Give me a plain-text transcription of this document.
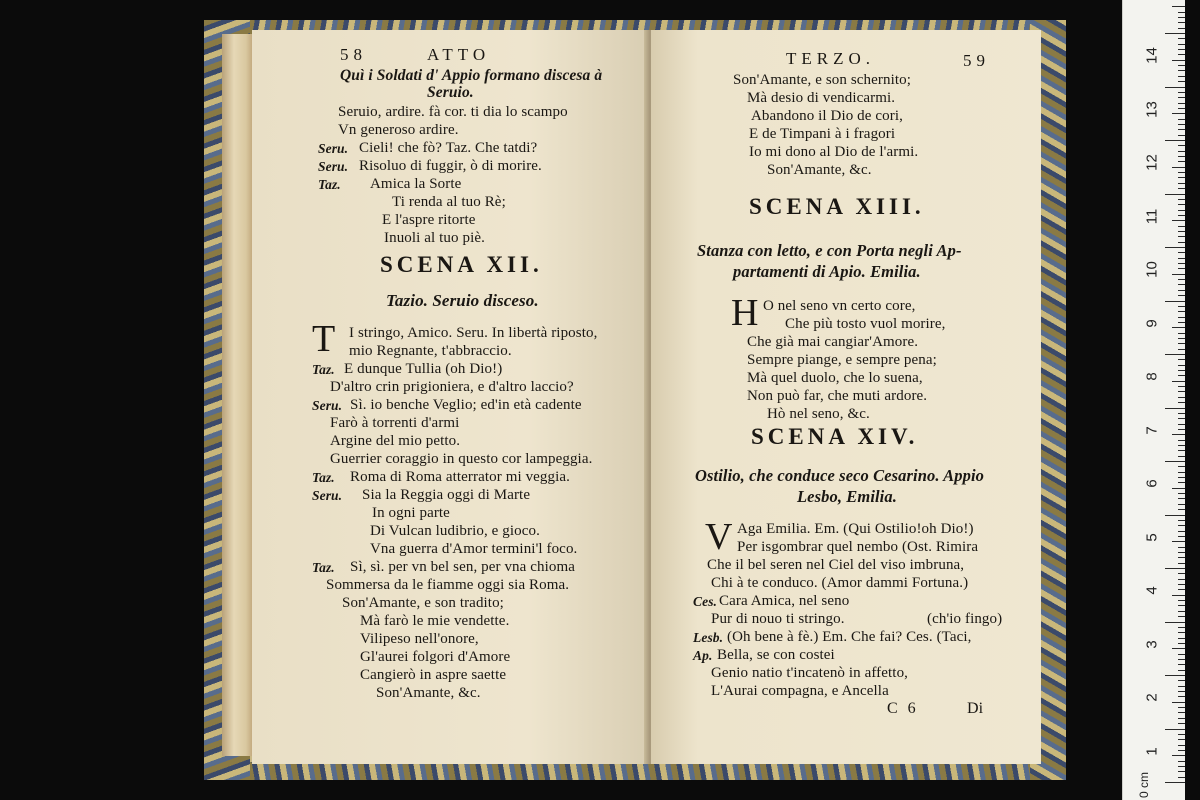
58	ATTO
Quì i Soldati d' Appio formano discesa à
Seruio.
Seruio, ardire. fà cor. ti dia lo scampo
Vn generoso ardire.
Seru. Cieli! che fò? Taz. Che tatdi?
Seru. Risoluo di fuggir, ò di morire.
Taz. Amica la Sorte
Ti renda al tuo Rè;
E l'aspre ritorte
Inuoli al tuo piè.
SCENA XII.
Tazio. Seruio disceso.
T I stringo, Amico. Seru. In libertà riposto,
mio Regnante, t'abbraccio.
Taz. E dunque Tullia (oh Dio!)
D'altro crin prigioniera, e d'altro laccio?
Seru. Sì. io benche Veglio; ed'in età cadente
Farò à torrenti d'armi
Argine del mio petto.
Guerrier coraggio in questo cor lampeggia.
Taz. Roma di Roma atterrator mi veggia.
Seru. Sia la Reggia oggi di Marte
In ogni parte
Di Vulcan ludibrio, e gioco.
Vna guerra d'Amor termini'l foco.
Taz. Sì, sì. per vn bel sen, per vna chioma
Sommersa da le fiamme oggi sia Roma.
Son'Amante, e son tradito;
Mà farò le mie vendette.
Vilipeso nell'onore,
Gl'aurei folgori d'Amore
Cangierò in aspre saette
Son'Amante, &c.
TERZO.	59
Son'Amante, e son schernito;
Mà desio di vendicarmi.
Abandono il Dio de cori,
E de Timpani à i fragori
Io mi dono al Dio de l'armi.
Son'Amante, &c.
SCENA XIII.
Stanza con letto, e con Porta negli Ap-
partamenti di Apio. Emilia.
H O nel seno vn certo core,
Che più tosto vuol morire,
Che già mai cangiar'Amore.
Sempre piange, e sempre pena;
Mà quel duolo, che lo suena,
Non può far, che muti ardore.
Hò nel seno, &c.
SCENA XIV.
Ostilio, che conduce seco Cesarino. Appio
Lesbo, Emilia.
V Aga Emilia. Em. (Qui Ostilio!oh Dio!)
Per isgombrar quel nembo (Ost. Rimira
Che il bel seren nel Ciel del viso imbruna,
Chi à te conduco. (Amor dammi Fortuna.)
Ces. Cara Amica, nel seno
Pur di nouo ti stringo.	(ch'io fingo)
Lesb. (Oh bene à fè.) Em. Che fai? Ces. (Taci,
Ap. Bella, se con costei
Genio natio t'incatenò in affetto,
L'Aurai compagna, e Ancella
C 6	Di
14
13
12
11
10
9
8
7
6
5
4
3
2
1
0 cm
